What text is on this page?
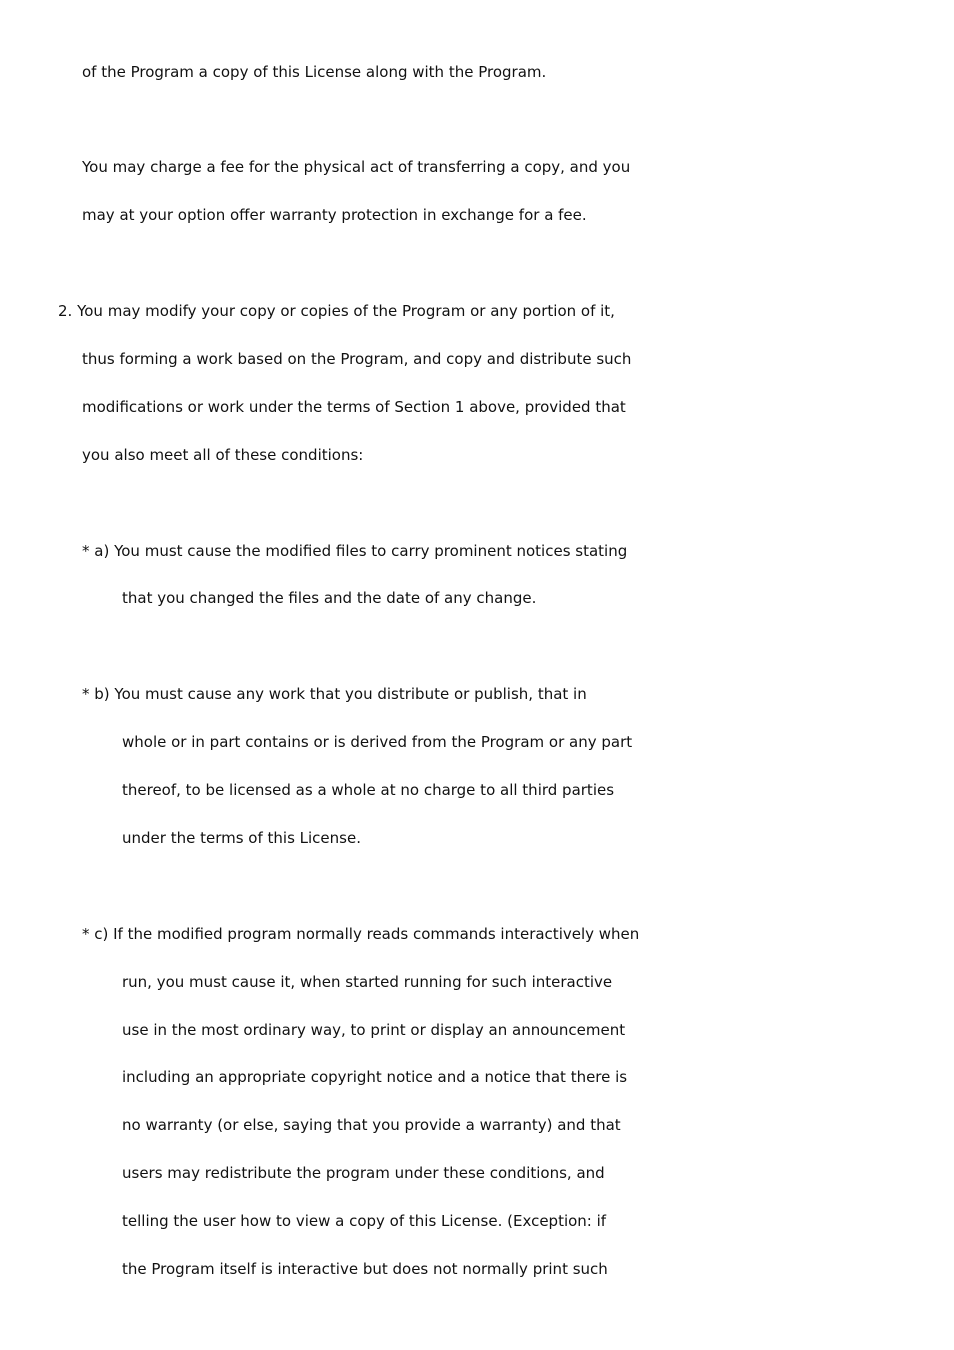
of the Program a copy of this License along with the Program.

You may charge a fee for the physical act of transferring a copy, and you

may at your option offer warranty protection in exchange for a fee.

2. You may modify your copy or copies of the Program or any portion of it,

thus forming a work based on the Program, and copy and distribute such

modifications or work under the terms of Section 1 above, provided that

you also meet all of these conditions:

* a) You must cause the modified files to carry prominent notices stating

that you changed the files and the date of any change.

* b) You must cause any work that you distribute or publish, that in

whole or in part contains or is derived from the Program or any part

thereof, to be licensed as a whole at no charge to all third parties

under the terms of this License.

* c) If the modified program normally reads commands interactively when

run, you must cause it, when started running for such interactive

use in the most ordinary way, to print or display an announcement

including an appropriate copyright notice and a notice that there is

no warranty (or else, saying that you provide a warranty) and that

users may redistribute the program under these conditions, and

telling the user how to view a copy of this License. (Exception: if

the Program itself is interactive but does not normally print such
